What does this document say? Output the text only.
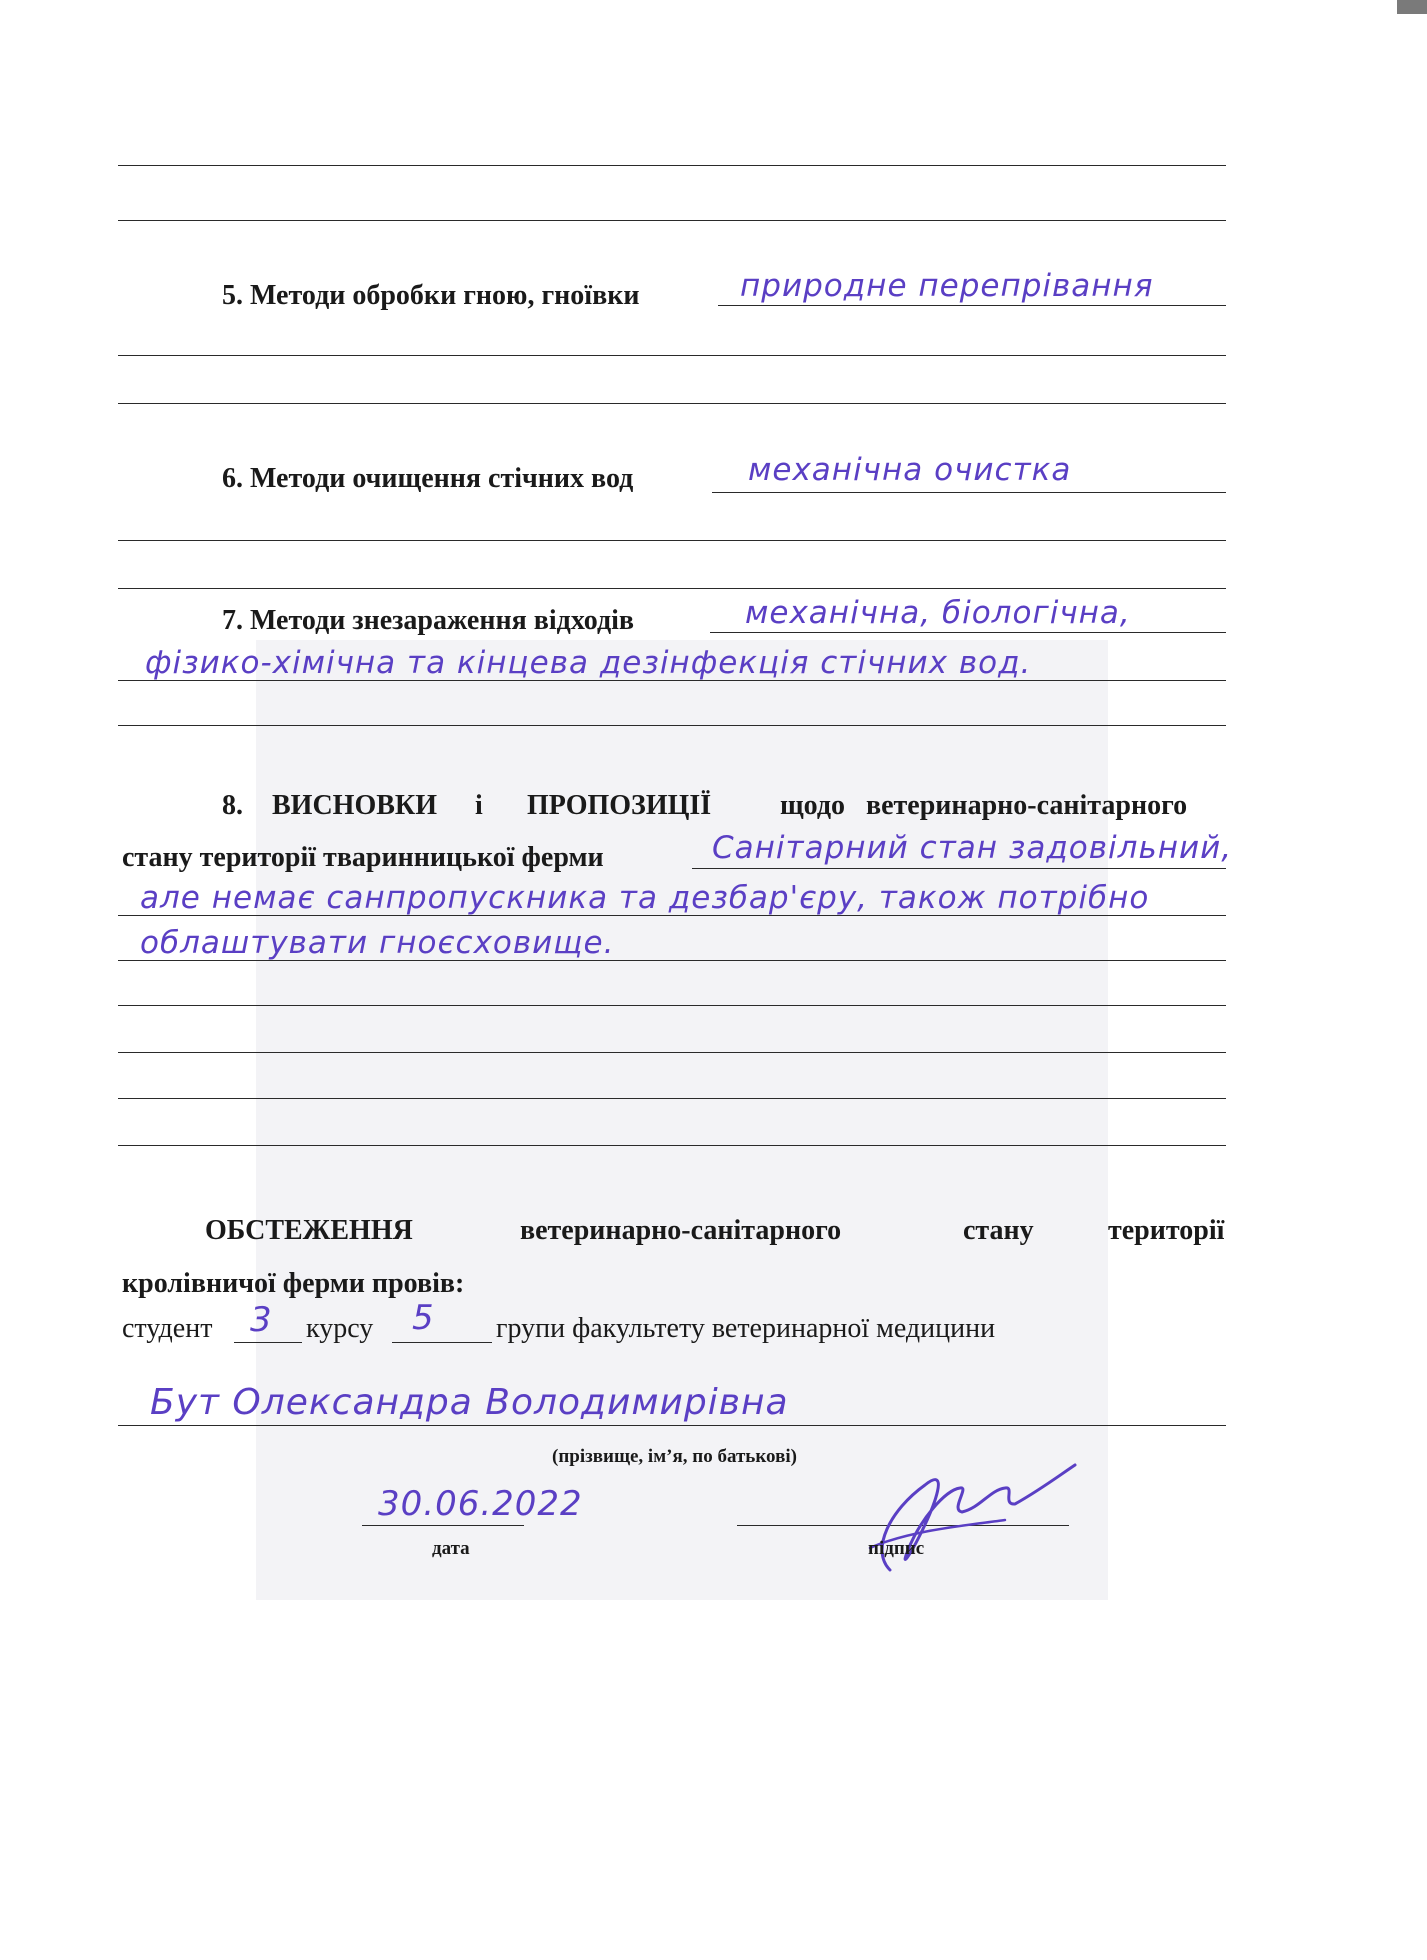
5. Методи обробки гною, гноївки	природне перепрівання
6. Методи очищення стічних вод	механічна очистка
7. Методи знезараження відходів	механічна, біологічна,
фізико-хімічна та кінцева дезінфекція стічних вод.
8. ВИСНОВКИ і ПРОПОЗИЦІЇ щодо ветеринарно-санітарного
стану території тваринницької ферми	Санітарний стан задовільний,
але немає санпропускника та дезбар'єру, також потрібно
облаштувати гноєсховище.
ОБСТЕЖЕННЯ	ветеринарно-санітарного	стану	території
кролівничої ферми провів:
студент 3 курсу 5 групи факультету ветеринарної медицини
Бут Олександра Володимирівна
(прізвище, ім’я, по батькові)
30.06.2022
дата	підпис
